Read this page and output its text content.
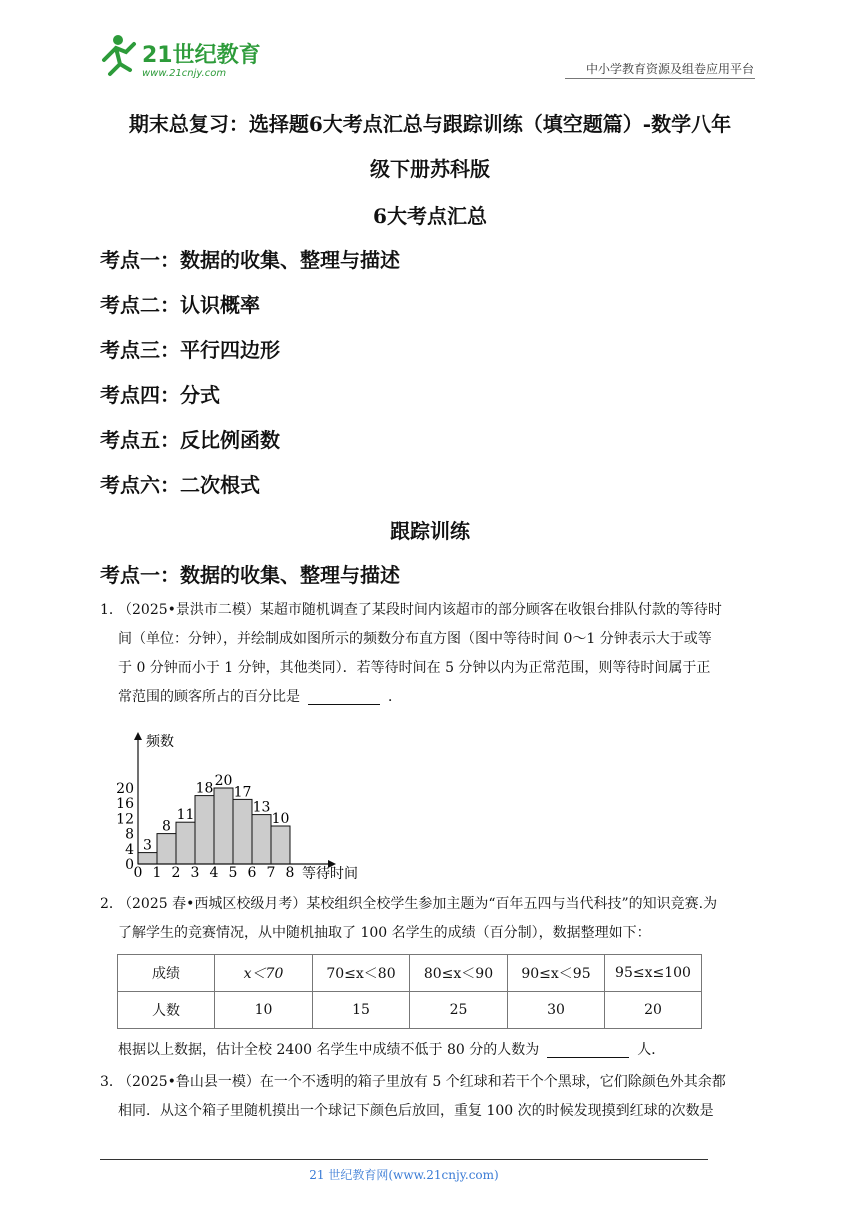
21世纪教育
www.21cnjy.com	中小学教育资源及组卷应用平台
期末总复习：选择题6大考点汇总与跟踪训练（填空题篇）-数学八年
级下册苏科版
6大考点汇总
考点一：数据的收集、整理与描述
考点二：认识概率
考点三：平行四边形
考点四：分式
考点五：反比例函数
考点六：二次根式
跟踪训练
考点一：数据的收集、整理与描述
1．
（2025•景洪市二模）某超市随机调查了某段时间内该超市的部分顾客在收银台排队付款的等待时
间（单位：分钟），并绘制成如图所示的频数分布直方图（图中等待时间 0～1 分钟表示大于或等
于 0 分钟而小于 1 分钟，其他类同）．若等待时间在 5 分钟以内为正常范围，则等待时间属于正
常范围的顾客所占的百分比是	．
3
8
11
18 20
17
13
10
0 1 2 3 4 5 6 7 8
0
4
8
12
16
20
频数
等待时间
2．
（2025 春•西城区校级月考）某校组织全校学生参加主题为“百年五四与当代科技”的知识竞赛.为
了解学生的竞赛情况，从中随机抽取了 100 名学生的成绩（百分制），数据整理如下：
成绩	x＜70	70≤x＜80	80≤x＜90	90≤x＜95	95≤x≤100
人数	10	15	25	30	20
根据以上数据，估计全校 2400 名学生中成绩不低于 80 分的人数为	人．
3．
（2025•鲁山县一模）在一个不透明的箱子里放有 5 个红球和若干个个黑球，它们除颜色外其余都
相同．从这个箱子里随机摸出一个球记下颜色后放回，重复 100 次的时候发现摸到红球的次数是
21 世纪教育网(www.21cnjy.com)
